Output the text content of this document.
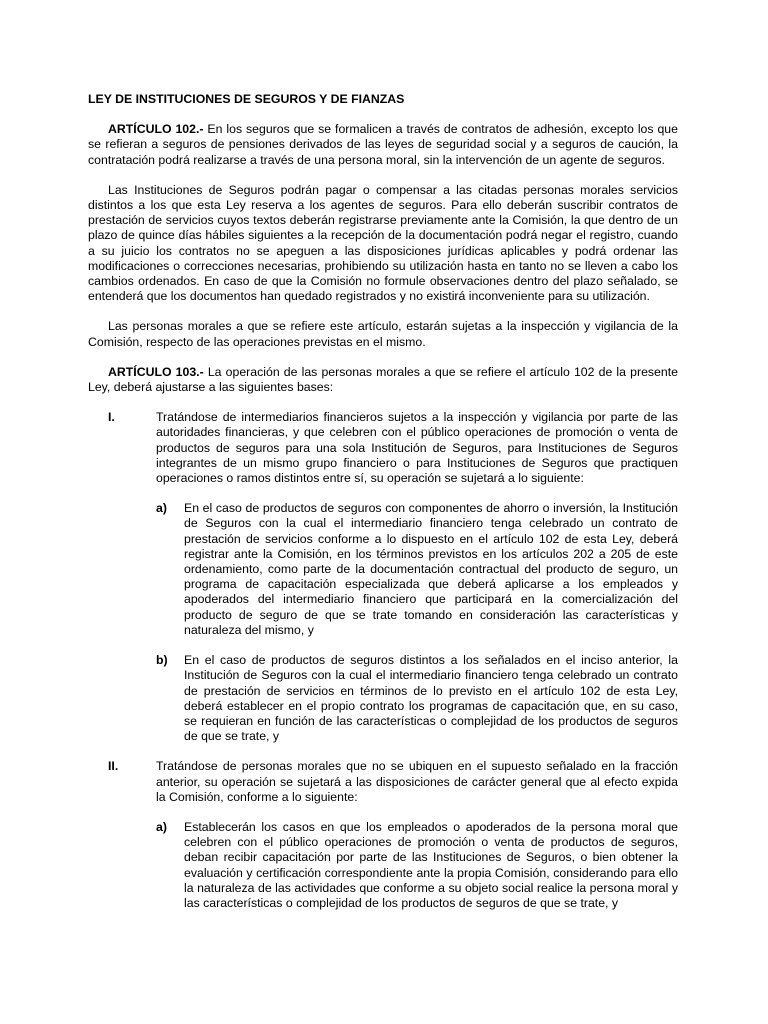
LEY DE INSTITUCIONES DE SEGUROS Y DE FIANZAS

ARTÍCULO 102.- En los seguros que se formalicen a través de contratos de adhesión, excepto los que se refieran a seguros de pensiones derivados de las leyes de seguridad social y a seguros de caución, la contratación podrá realizarse a través de una persona moral, sin la intervención de un agente de seguros.

Las Instituciones de Seguros podrán pagar o compensar a las citadas personas morales servicios distintos a los que esta Ley reserva a los agentes de seguros. Para ello deberán suscribir contratos de prestación de servicios cuyos textos deberán registrarse previamente ante la Comisión, la que dentro de un plazo de quince días hábiles siguientes a la recepción de la documentación podrá negar el registro, cuando a su juicio los contratos no se apeguen a las disposiciones jurídicas aplicables y podrá ordenar las modificaciones o correcciones necesarias, prohibiendo su utilización hasta en tanto no se lleven a cabo los cambios ordenados. En caso de que la Comisión no formule observaciones dentro del plazo señalado, se entenderá que los documentos han quedado registrados y no existirá inconveniente para su utilización.

Las personas morales a que se refiere este artículo, estarán sujetas a la inspección y vigilancia de la Comisión, respecto de las operaciones previstas en el mismo.

ARTÍCULO 103.- La operación de las personas morales a que se refiere el artículo 102 de la presente Ley, deberá ajustarse a las siguientes bases:

I.	Tratándose de intermediarios financieros sujetos a la inspección y vigilancia por parte de las autoridades financieras, y que celebren con el público operaciones de promoción o venta de productos de seguros para una sola Institución de Seguros, para Instituciones de Seguros integrantes de un mismo grupo financiero o para Instituciones de Seguros que practiquen operaciones o ramos distintos entre sí, su operación se sujetará a lo siguiente:
a)	En el caso de productos de seguros con componentes de ahorro o inversión, la Institución de Seguros con la cual el intermediario financiero tenga celebrado un contrato de prestación de servicios conforme a lo dispuesto en el artículo 102 de esta Ley, deberá registrar ante la Comisión, en los términos previstos en los artículos 202 a 205 de este ordenamiento, como parte de la documentación contractual del producto de seguro, un programa de capacitación especializada que deberá aplicarse a los empleados y apoderados del intermediario financiero que participará en la comercialización del producto de seguro de que se trate tomando en consideración las características y naturaleza del mismo, y
b)	En el caso de productos de seguros distintos a los señalados en el inciso anterior, la Institución de Seguros con la cual el intermediario financiero tenga celebrado un contrato de prestación de servicios en términos de lo previsto en el artículo 102 de esta Ley, deberá establecer en el propio contrato los programas de capacitación que, en su caso, se requieran en función de las características o complejidad de los productos de seguros de que se trate, y
II.	Tratándose de personas morales que no se ubiquen en el supuesto señalado en la fracción anterior, su operación se sujetará a las disposiciones de carácter general que al efecto expida la Comisión, conforme a lo siguiente:
a)	Establecerán los casos en que los empleados o apoderados de la persona moral que celebren con el público operaciones de promoción o venta de productos de seguros, deban recibir capacitación por parte de las Instituciones de Seguros, o bien obtener la evaluación y certificación correspondiente ante la propia Comisión, considerando para ello la naturaleza de las actividades que conforme a su objeto social realice la persona moral y las características o complejidad de los productos de seguros de que se trate, y
